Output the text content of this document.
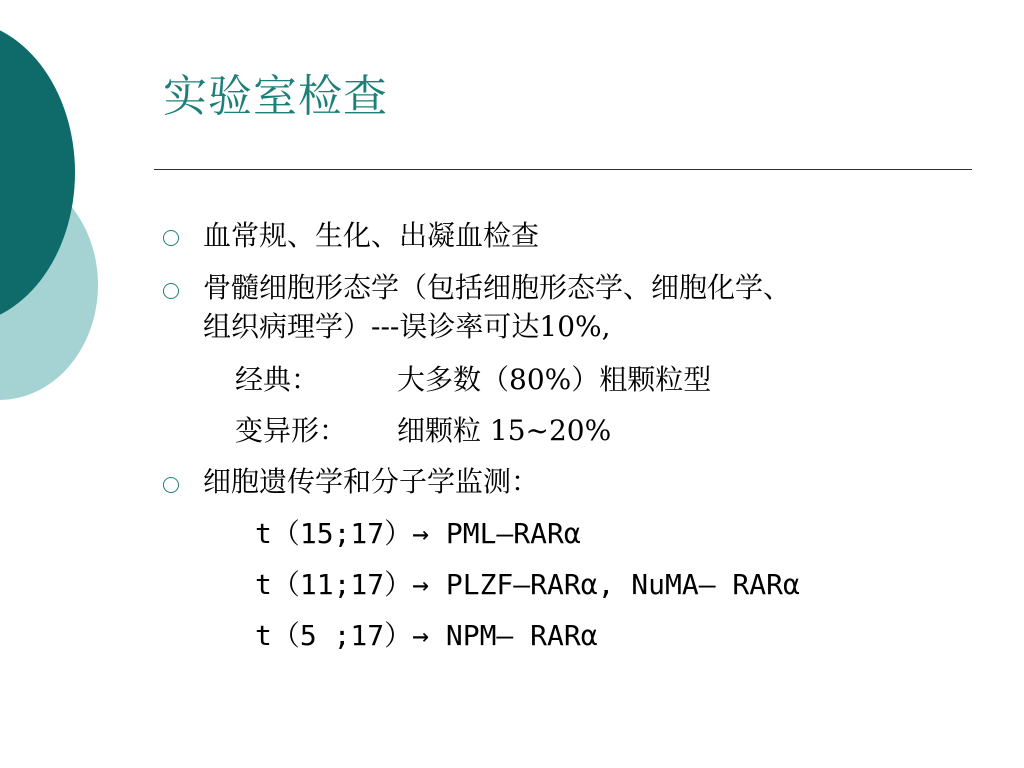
实验室检查
血常规、生化、出凝血检查
骨髓细胞形态学（包括细胞形态学、细胞化学、
组织病理学）---误诊率可达10%,
经典：	大多数（80%）粗颗粒型
变异形： 细颗粒 15~20%
细胞遗传学和分子学监测：
t（15;17）→ PML—RARα
t（11;17）→ PLZF—RARα, NuMA– RARα
t（5 ;17）→ NPM— RARα
